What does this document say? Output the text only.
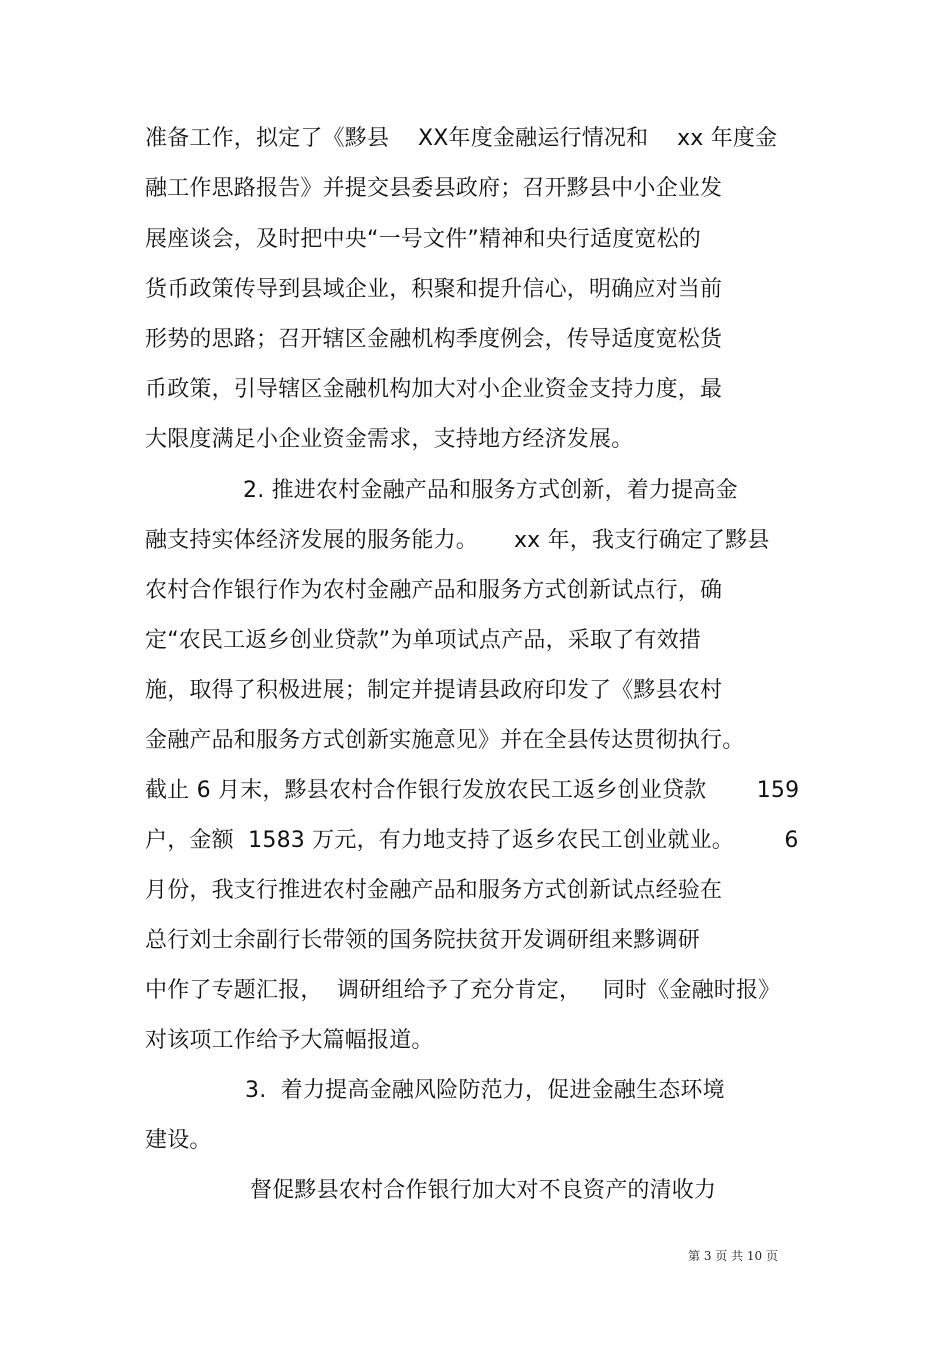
准备工作，拟定了《黟县    XX年度金融运行情况和    xx 年度金
融工作思路报告》并提交县委县政府；召开黟县中小企业发
展座谈会，及时把中央“一号文件”精神和央行适度宽松的
货币政策传导到县域企业，积聚和提升信心，明确应对当前
形势的思路；召开辖区金融机构季度例会，传导适度宽松货
币政策，引导辖区金融机构加大对小企业资金支持力度，最
大限度满足小企业资金需求，支持地方经济发展。
2. 推进农村金融产品和服务方式创新，着力提高金
融支持实体经济发展的服务能力。     xx 年，我支行确定了黟县
农村合作银行作为农村金融产品和服务方式创新试点行，确
定“农民工返乡创业贷款”为单项试点产品，采取了有效措
施，取得了积极进展；制定并提请县政府印发了《黟县农村
金融产品和服务方式创新实施意见》并在全县传达贯彻执行。
截止 6 月末，黟县农村合作银行发放农民工返乡创业贷款       159
户，金额  1583 万元，有力地支持了返乡农民工创业就业。       6
月份，我支行推进农村金融产品和服务方式创新试点经验在
总行刘士余副行长带领的国务院扶贫开发调研组来黟调研
中作了专题汇报，  调研组给予了充分肯定，   同时《金融时报》
对该项工作给予大篇幅报道。
3.  着力提高金融风险防范力，促进金融生态环境
建设。
督促黟县农村合作银行加大对不良资产的清收力
第 3 页 共 10 页
